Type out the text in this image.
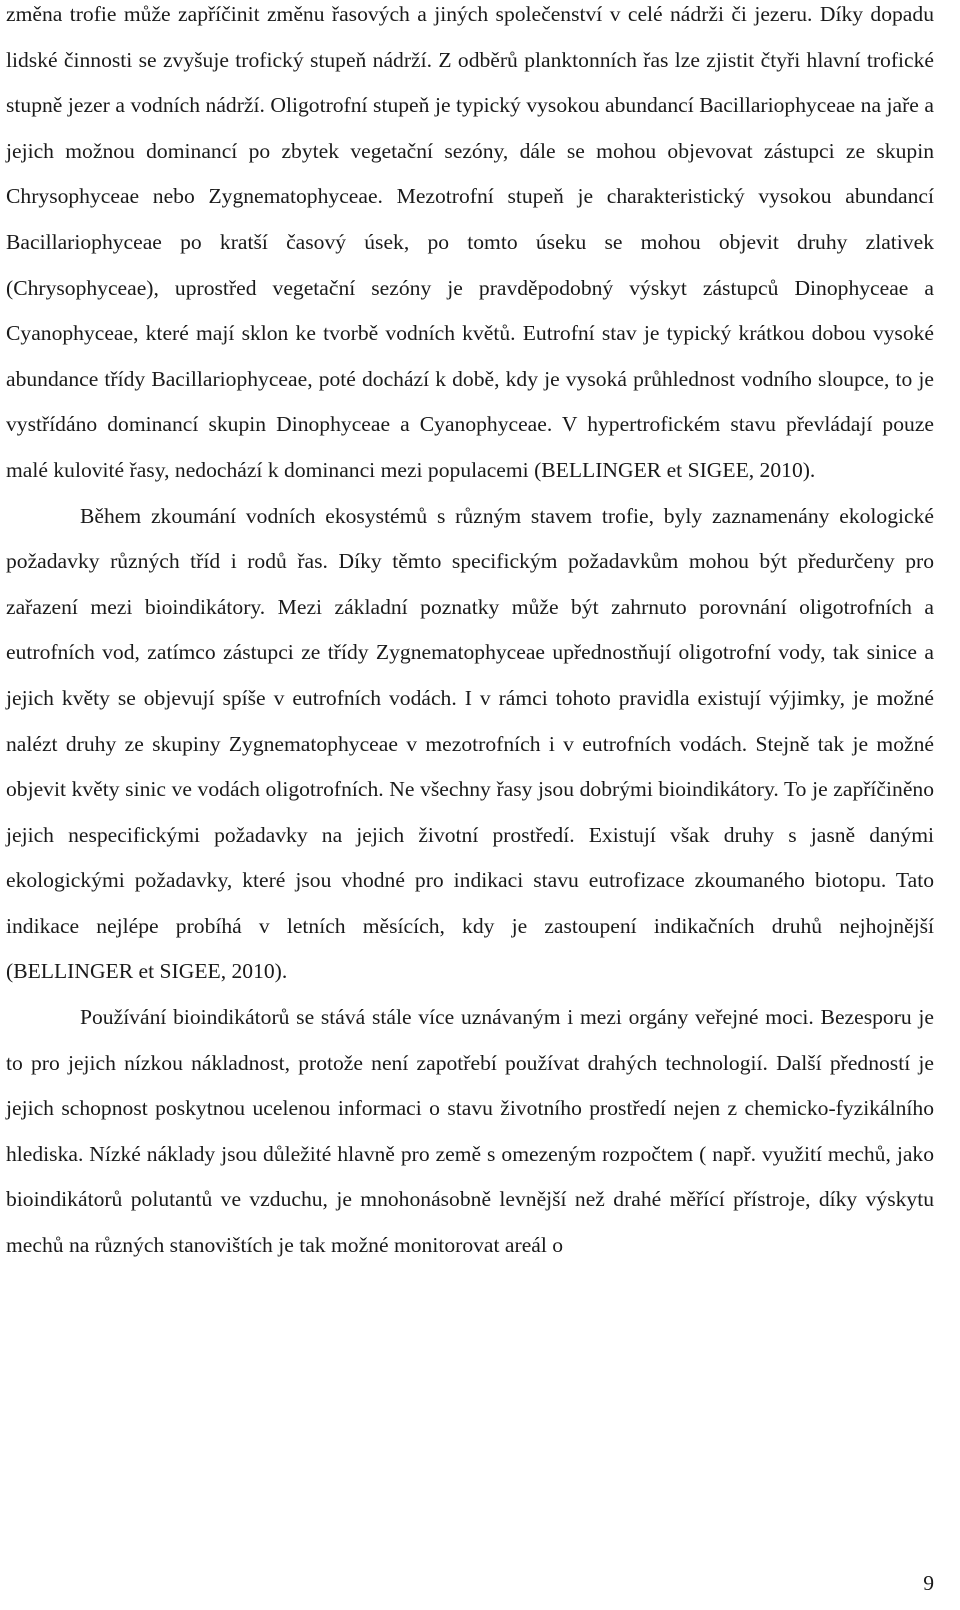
změna trofie může zapříčinit změnu řasových a jiných společenství v celé nádrži či jezeru. Díky dopadu lidské činnosti se zvyšuje trofický stupeň nádrží. Z odběrů planktonních řas lze zjistit čtyři hlavní trofické stupně jezer a vodních nádrží. Oligotrofní stupeň je typický vysokou abundancí Bacillariophyceae na jaře a jejich možnou dominancí po zbytek vegetační sezóny, dále se mohou objevovat zástupci ze skupin Chrysophyceae nebo Zygnematophyceae. Mezotrofní stupeň je charakteristický vysokou abundancí Bacillariophyceae po kratší časový úsek, po tomto úseku se mohou objevit druhy zlativek (Chrysophyceae), uprostřed vegetační sezóny je pravděpodobný výskyt zástupců Dinophyceae a Cyanophyceae, které mají sklon ke tvorbě vodních květů. Eutrofní stav je typický krátkou dobou vysoké abundance třídy Bacillariophyceae, poté dochází k době, kdy je vysoká průhlednost vodního sloupce, to je vystřídáno dominancí skupin Dinophyceae a Cyanophyceae. V hypertrofickém stavu převládají pouze malé kulovité řasy, nedochází k dominanci mezi populacemi (BELLINGER et SIGEE, 2010).

Během zkoumání vodních ekosystémů s různým stavem trofie, byly zaznamenány ekologické požadavky různých tříd i rodů řas. Díky těmto specifickým požadavkům mohou být předurčeny pro zařazení mezi bioindikátory. Mezi základní poznatky může být zahrnuto porovnání oligotrofních a eutrofních vod, zatímco zástupci ze třídy Zygnematophyceae upřednostňují oligotrofní vody, tak sinice a jejich květy se objevují spíše v eutrofních vodách. I v rámci tohoto pravidla existují výjimky, je možné nalézt druhy ze skupiny Zygnematophyceae v mezotrofních i v eutrofních vodách. Stejně tak je možné objevit květy sinic ve vodách oligotrofních. Ne všechny řasy jsou dobrými bioindikátory. To je zapříčiněno jejich nespecifickými požadavky na jejich životní prostředí. Existují však druhy s jasně danými ekologickými požadavky, které jsou vhodné pro indikaci stavu eutrofizace zkoumaného biotopu. Tato indikace nejlépe probíhá v letních měsících, kdy je zastoupení indikačních druhů nejhojnější (BELLINGER et SIGEE, 2010).

Používání bioindikátorů se stává stále více uznávaným i mezi orgány veřejné moci. Bezesporu je to pro jejich nízkou nákladnost, protože není zapotřebí používat drahých technologií. Další předností je jejich schopnost poskytnou ucelenou informaci o stavu životního prostředí nejen z chemicko-fyzikálního hlediska. Nízké náklady jsou důležité hlavně pro země s omezeným rozpočtem ( např. využití mechů, jako bioindikátorů polutantů ve vzduchu, je mnohonásobně levnější než drahé měřící přístroje, díky výskytu mechů na různých stanovištích je tak možné monitorovat areál o

9
